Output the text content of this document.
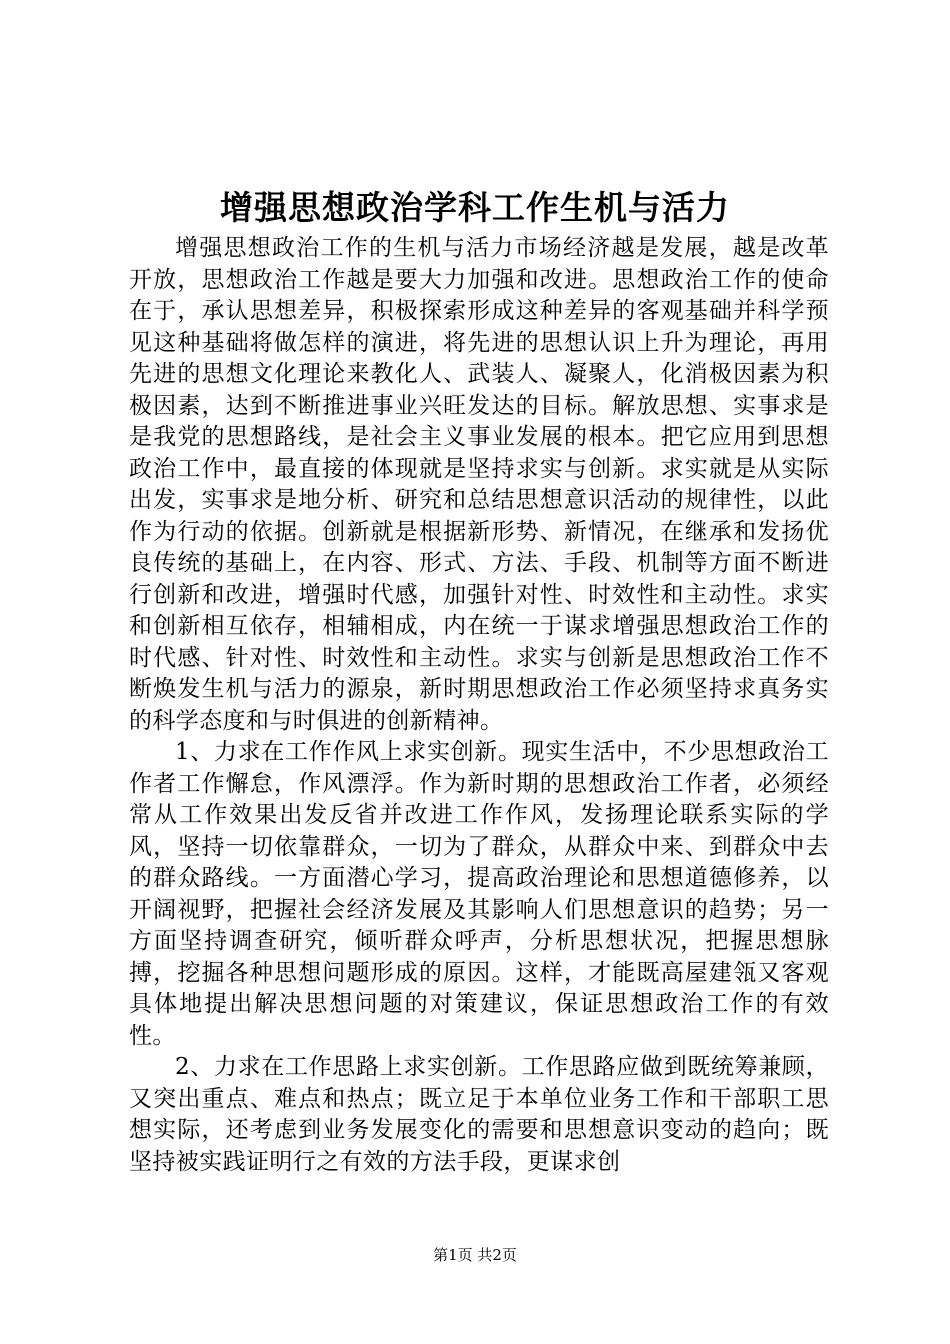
增强思想政治学科工作生机与活力

增强思想政治工作的生机与活力市场经济越是发展，越是改革开放，思想政治工作越是要大力加强和改进。思想政治工作的使命在于，承认思想差异，积极探索形成这种差异的客观基础并科学预见这种基础将做怎样的演进，将先进的思想认识上升为理论，再用先进的思想文化理论来教化人、武装人、凝聚人，化消极因素为积极因素，达到不断推进事业兴旺发达的目标。解放思想、实事求是是我党的思想路线，是社会主义事业发展的根本。把它应用到思想政治工作中，最直接的体现就是坚持求实与创新。求实就是从实际出发，实事求是地分析、研究和总结思想意识活动的规律性，以此作为行动的依据。创新就是根据新形势、新情况，在继承和发扬优良传统的基础上，在内容、形式、方法、手段、机制等方面不断进行创新和改进，增强时代感，加强针对性、时效性和主动性。求实和创新相互依存，相辅相成，内在统一于谋求增强思想政治工作的时代感、针对性、时效性和主动性。求实与创新是思想政治工作不断焕发生机与活力的源泉，新时期思想政治工作必须坚持求真务实的科学态度和与时俱进的创新精神。

1、力求在工作作风上求实创新。现实生活中，不少思想政治工作者工作懈怠，作风漂浮。作为新时期的思想政治工作者，必须经常从工作效果出发反省并改进工作作风，发扬理论联系实际的学风，坚持一切依靠群众，一切为了群众，从群众中来、到群众中去的群众路线。一方面潜心学习，提高政治理论和思想道德修养，以开阔视野，把握社会经济发展及其影响人们思想意识的趋势；另一方面坚持调查研究，倾听群众呼声，分析思想状况，把握思想脉搏，挖掘各种思想问题形成的原因。这样，才能既高屋建瓴又客观具体地提出解决思想问题的对策建议，保证思想政治工作的有效性。

2、力求在工作思路上求实创新。工作思路应做到既统筹兼顾，又突出重点、难点和热点；既立足于本单位业务工作和干部职工思想实际，还考虑到业务发展变化的需要和思想意识变动的趋向；既坚持被实践证明行之有效的方法手段，更谋求创

第1页 共2页
